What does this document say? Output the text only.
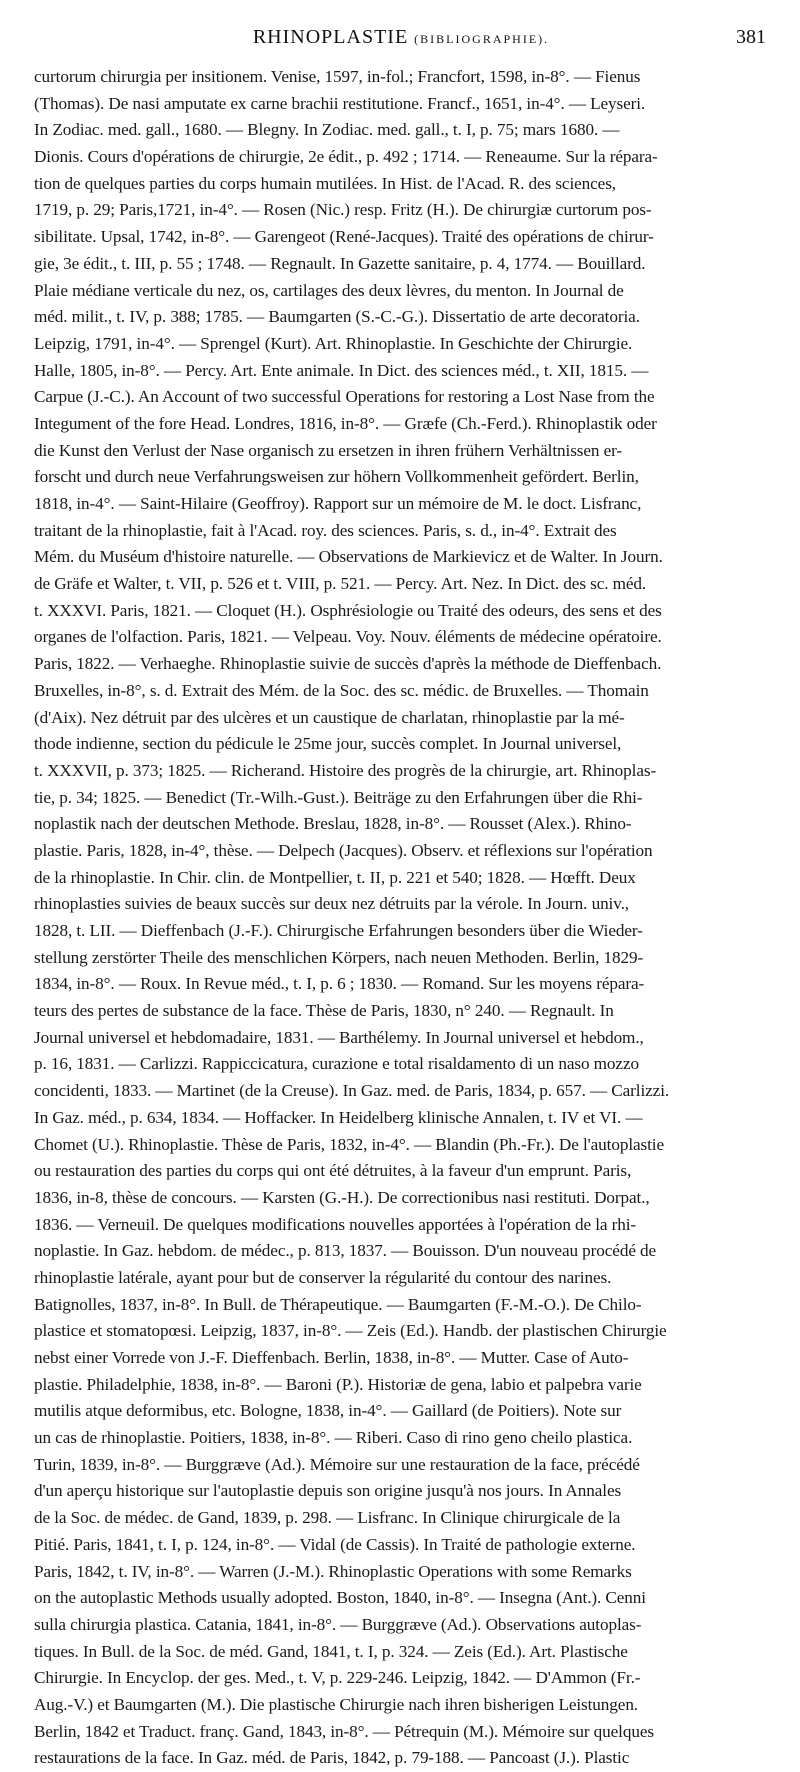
RHINOPLASTIE (BIBLIOGRAPHIE).	381
curtorum chirurgia per insitionem. Venise, 1597, in-fol.; Francfort, 1598, in-8°. — Fienus
(Thomas). De nasi amputate ex carne brachii restitutione. Francf., 1651, in-4°. — Leyseri.
In Zodiac. med. gall., 1680. — Blegny. In Zodiac. med. gall., t. I, p. 75; mars 1680. —
Dionis. Cours d'opérations de chirurgie, 2e édit., p. 492 ; 1714. — Reneaume. Sur la répara-
tion de quelques parties du corps humain mutilées. In Hist. de l'Acad. R. des sciences,
1719, p. 29; Paris,1721, in-4°. — Rosen (Nic.) resp. Fritz (H.). De chirurgiæ curtorum pos-
sibilitate. Upsal, 1742, in-8°. — Garengeot (René-Jacques). Traité des opérations de chirur-
gie, 3e édit., t. III, p. 55 ; 1748. — Regnault. In Gazette sanitaire, p. 4, 1774. — Bouillard.
Plaie médiane verticale du nez, os, cartilages des deux lèvres, du menton. In Journal de
méd. milit., t. IV, p. 388; 1785. — Baumgarten (S.-C.-G.). Dissertatio de arte decoratoria.
Leipzig, 1791, in-4°. — Sprengel (Kurt). Art. Rhinoplastie. In Geschichte der Chirurgie.
Halle, 1805, in-8°. — Percy. Art. Ente animale. In Dict. des sciences méd., t. XII, 1815. —
Carpue (J.-C.). An Account of two successful Operations for restoring a Lost Nase from the
Integument of the fore Head. Londres, 1816, in-8°. — Græfe (Ch.-Ferd.). Rhinoplastik oder
die Kunst den Verlust der Nase organisch zu ersetzen in ihren frühern Verhältnissen er-
forscht und durch neue Verfahrungsweisen zur höhern Vollkommenheit gefördert. Berlin,
1818, in-4°. — Saint-Hilaire (Geoffroy). Rapport sur un mémoire de M. le doct. Lisfranc,
traitant de la rhinoplastie, fait à l'Acad. roy. des sciences. Paris, s. d., in-4°. Extrait des
Mém. du Muséum d'histoire naturelle. — Observations de Markievicz et de Walter. In Journ.
de Gräfe et Walter, t. VII, p. 526 et t. VIII, p. 521. — Percy. Art. Nez. In Dict. des sc. méd.
t. XXXVI. Paris, 1821. — Cloquet (H.). Osphrésiologie ou Traité des odeurs, des sens et des
organes de l'olfaction. Paris, 1821. — Velpeau. Voy. Nouv. éléments de médecine opératoire.
Paris, 1822. — Verhaeghe. Rhinoplastie suivie de succès d'après la méthode de Dieffenbach.
Bruxelles, in-8°, s. d. Extrait des Mém. de la Soc. des sc. médic. de Bruxelles. — Thomain
(d'Aix). Nez détruit par des ulcères et un caustique de charlatan, rhinoplastie par la mé-
thode indienne, section du pédicule le 25me jour, succès complet. In Journal universel,
t. XXXVII, p. 373; 1825. — Richerand. Histoire des progrès de la chirurgie, art. Rhinoplas-
tie, p. 34; 1825. — Benedict (Tr.-Wilh.-Gust.). Beiträge zu den Erfahrungen über die Rhi-
noplastik nach der deutschen Methode. Breslau, 1828, in-8°. — Rousset (Alex.). Rhino-
plastie. Paris, 1828, in-4°, thèse. — Delpech (Jacques). Observ. et réflexions sur l'opération
de la rhinoplastie. In Chir. clin. de Montpellier, t. II, p. 221 et 540; 1828. — Hœfft. Deux
rhinoplasties suivies de beaux succès sur deux nez détruits par la vérole. In Journ. univ.,
1828, t. LII. — Dieffenbach (J.-F.). Chirurgische Erfahrungen besonders über die Wieder-
stellung zerstörter Theile des menschlichen Körpers, nach neuen Methoden. Berlin, 1829-
1834, in-8°. — Roux. In Revue méd., t. I, p. 6 ; 1830. — Romand. Sur les moyens répara-
teurs des pertes de substance de la face. Thèse de Paris, 1830, n° 240. — Regnault. In
Journal universel et hebdomadaire, 1831. — Barthélemy. In Journal universel et hebdom.,
p. 16, 1831. — Carlizzi. Rappiccicatura, curazione e total risaldamento di un naso mozzo
concidenti, 1833. — Martinet (de la Creuse). In Gaz. med. de Paris, 1834, p. 657. — Carlizzi.
In Gaz. méd., p. 634, 1834. — Hoffacker. In Heidelberg klinische Annalen, t. IV et VI. —
Chomet (U.). Rhinoplastie. Thèse de Paris, 1832, in-4°. — Blandin (Ph.-Fr.). De l'autoplastie
ou restauration des parties du corps qui ont été détruites, à la faveur d'un emprunt. Paris,
1836, in-8, thèse de concours. — Karsten (G.-H.). De correctionibus nasi restituti. Dorpat.,
1836. — Verneuil. De quelques modifications nouvelles apportées à l'opération de la rhi-
noplastie. In Gaz. hebdom. de médec., p. 813, 1837. — Bouisson. D'un nouveau procédé de
rhinoplastie latérale, ayant pour but de conserver la régularité du contour des narines.
Batignolles, 1837, in-8°. In Bull. de Thérapeutique. — Baumgarten (F.-M.-O.). De Chilo-
plastice et stomatopœsi. Leipzig, 1837, in-8°. — Zeis (Ed.). Handb. der plastischen Chirurgie
nebst einer Vorrede von J.-F. Dieffenbach. Berlin, 1838, in-8°. — Mutter. Case of Auto-
plastie. Philadelphie, 1838, in-8°. — Baroni (P.). Historiæ de gena, labio et palpebra varie
mutilis atque deformibus, etc. Bologne, 1838, in-4°. — Gaillard (de Poitiers). Note sur
un cas de rhinoplastie. Poitiers, 1838, in-8°. — Riberi. Caso di rino geno cheilo plastica.
Turin, 1839, in-8°. — Burggræve (Ad.). Mémoire sur une restauration de la face, précédé
d'un aperçu historique sur l'autoplastie depuis son origine jusqu'à nos jours. In Annales
de la Soc. de médec. de Gand, 1839, p. 298. — Lisfranc. In Clinique chirurgicale de la
Pitié. Paris, 1841, t. I, p. 124, in-8°. — Vidal (de Cassis). In Traité de pathologie externe.
Paris, 1842, t. IV, in-8°. — Warren (J.-M.). Rhinoplastic Operations with some Remarks
on the autoplastic Methods usually adopted. Boston, 1840, in-8°. — Insegna (Ant.). Cenni
sulla chirurgia plastica. Catania, 1841, in-8°. — Burggræve (Ad.). Observations autoplas-
tiques. In Bull. de la Soc. de méd. Gand, 1841, t. I, p. 324. — Zeis (Ed.). Art. Plastische
Chirurgie. In Encyclop. der ges. Med., t. V, p. 229-246. Leipzig, 1842. — D'Ammon (Fr.-
Aug.-V.) et Baumgarten (M.). Die plastische Chirurgie nach ihren bisherigen Leistungen.
Berlin, 1842 et Traduct. franç. Gand, 1843, in-8°. — Pétrequin (M.). Mémoire sur quelques
restaurations de la face. In Gaz. méd. de Paris, 1842, p. 79-188. — Pancoast (J.). Plastic
